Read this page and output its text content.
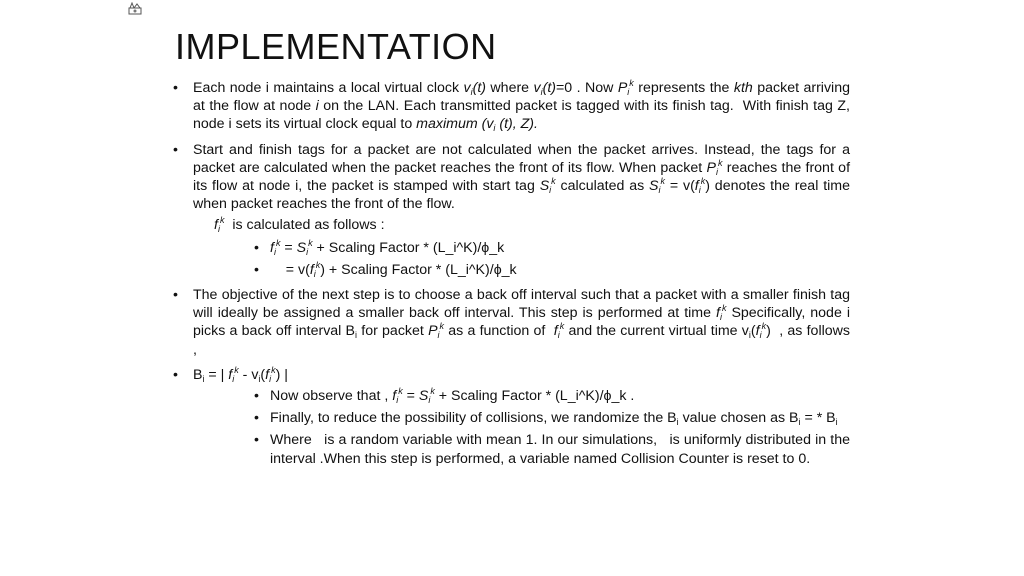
IMPLEMENTATION
• Each node i maintains a local virtual clock $v_i(t)$ where $v_i(t)=0$ . Now $P_i^k$ represents the kth packet arriving at the flow at node i on the LAN. Each transmitted packet is tagged with its finish tag.  With finish tag Z, node i sets its virtual clock equal to maximum ($v_i$ (t), Z).
• Start and finish tags for a packet are not calculated when the packet arrives. Instead, the tags for a packet are calculated when the packet reaches the front of its flow. When packet $P_i^k$ reaches the front of its flow at node i, the packet is stamped with start tag $S_i^k$ calculated as $S_i^k = v(f_i^k)$ denotes the real time when packet reaches the front of the flow.
$f_i^k$  is calculated as follows :
• $f_i^k = S_i^k$ + Scaling Factor * (L_i^K)/ϕ_k
•     = $v(f_i^k)$ + Scaling Factor * (L_i^K)/ϕ_k
• The objective of the next step is to choose a back off interval such that a packet with a smaller finish tag will ideally be assigned a smaller back off interval. This step is performed at time $f_i^k$ Specifically, node i picks a back off interval $B_i$ for packet $P_i^k$ as a function of  $f_i^k$ and the current virtual time $v_i(f_i^k)$  , as follows ,
• $B_i$ = | $f_i^k - v_i(f_i^k)$ |
• Now observe that , $f_i^k = S_i^k$ + Scaling Factor * (L_i^K)/ϕ_k .
• Finally, to reduce the possibility of collisions, we randomize the $B_i$ value chosen as $B_i$ = * $B_i$
• Where   is a random variable with mean 1. In our simulations,   is uniformly distributed in the interval .When this step is performed, a variable named Collision Counter is reset to 0.
